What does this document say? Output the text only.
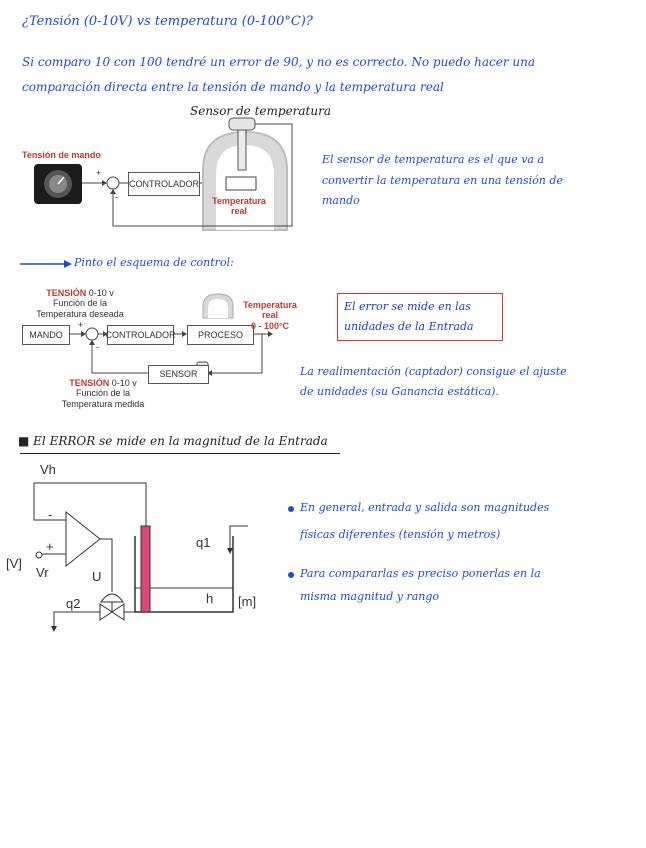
¿Tensión (0-10V) vs temperatura (0-100°C)?
Si comparo 10 con 100 tendré un error de 90, y no es correcto. No puedo hacer una
comparación directa entre la tensión de mando y la temperatura real
Sensor de temperatura
Tensión de mando
+
-
CONTROLADOR
Temperatura real
El sensor de temperatura es el que va a
convertir la temperatura en una tensión de
mando
Pinto el esquema de control:
TENSIÓN 0-10 v
Función de la
Temperatura deseada
MANDO
+
-
CONTROLADOR	PROCESO
SENSOR
Temperatura
real
0 - 100°C
TENSIÓN 0-10 v
Función de la
Temperatura medida
El error se mide en las
unidades de la Entrada
La realimentación (captador) consigue el ajuste
de unidades (su Ganancia estática).
■ El ERROR se mide en la magnitud de la Entrada
Vh
-
+
[V]
Vr	U
q1
q2	h [m]
En general, entrada y salida son magnitudes
físicas diferentes (tensión y metros)
Para compararlas es preciso ponerlas en la
misma magnitud y rango
